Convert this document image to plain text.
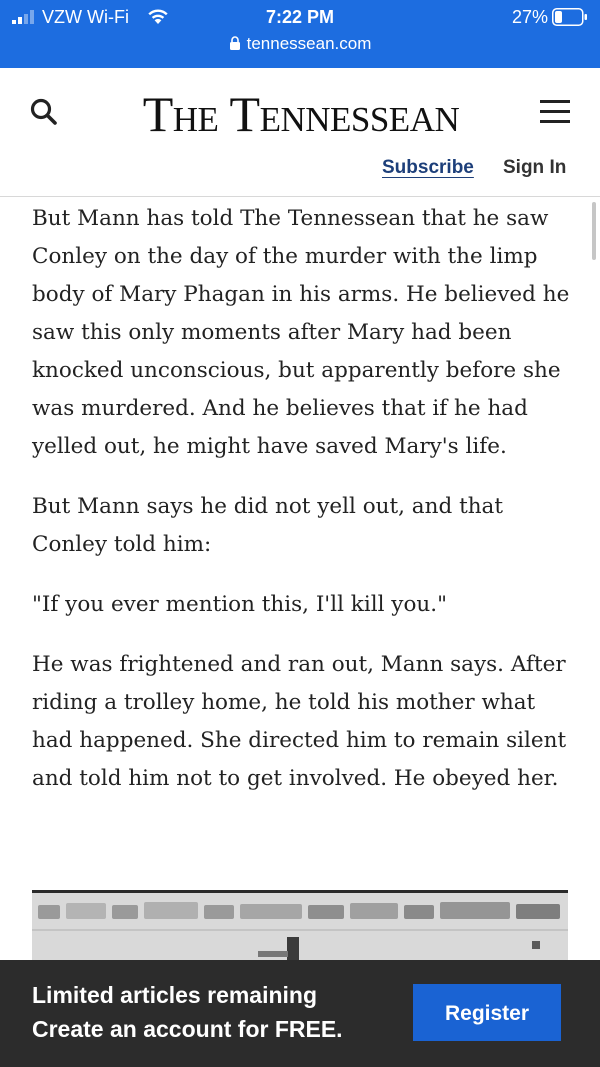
VZW Wi-Fi	7:22 PM	27%
tennessean.com
The Tennessean
Subscribe Sign In

But Mann has told The Tennessean that he saw Conley on the day of the murder with the limp body of Mary Phagan in his arms. He believed he saw this only moments after Mary had been knocked unconscious, but apparently before she was murdered. And he believes that if he had yelled out, he might have saved Mary's life.

But Mann says he did not yell out, and that Conley told him:

"If you ever mention this, I'll kill you."

He was frightened and ran out, Mann says. After riding a trolley home, he told his mother what had happened. She directed him to remain silent and told him not to get involved. He obeyed her.

Limited articles remaining
Create an account for FREE.
Register
